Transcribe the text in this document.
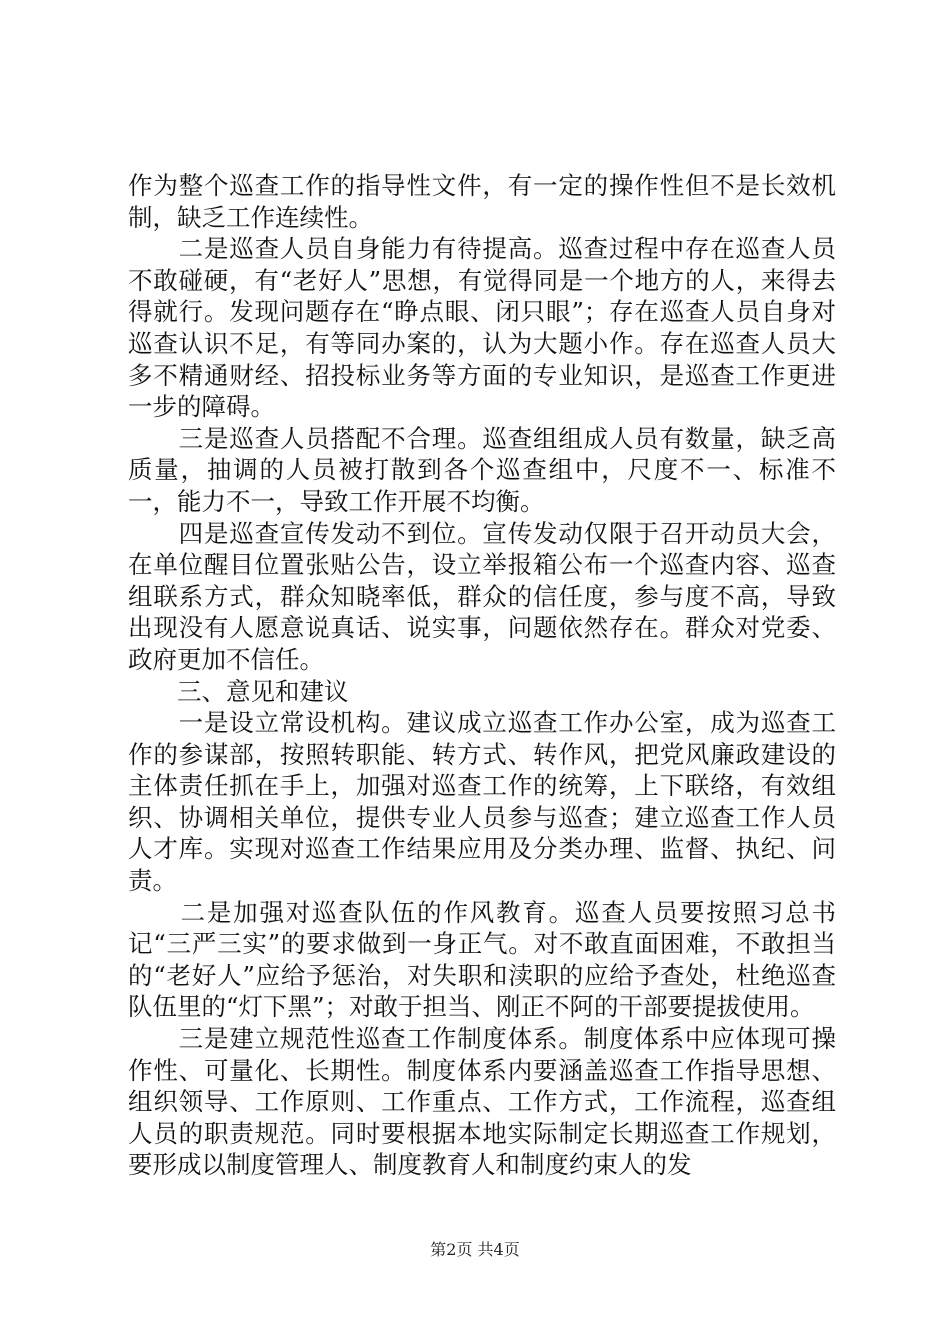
作为整个巡查工作的指导性文件，有一定的操作性但不是长效机制，缺乏工作连续性。

　　二是巡查人员自身能力有待提高。巡查过程中存在巡查人员不敢碰硬，有“老好人”思想，有觉得同是一个地方的人，来得去得就行。发现问题存在“睁点眼、闭只眼”；存在巡查人员自身对巡查认识不足，有等同办案的，认为大题小作。存在巡查人员大多不精通财经、招投标业务等方面的专业知识，是巡查工作更进一步的障碍。

　　三是巡查人员搭配不合理。巡查组组成人员有数量，缺乏高质量，抽调的人员被打散到各个巡查组中，尺度不一、标准不一，能力不一，导致工作开展不均衡。

　　四是巡查宣传发动不到位。宣传发动仅限于召开动员大会，在单位醒目位置张贴公告，设立举报箱公布一个巡查内容、巡查组联系方式，群众知晓率低，群众的信任度，参与度不高，导致出现没有人愿意说真话、说实事，问题依然存在。群众对党委、政府更加不信任。

　　三、意见和建议

　　一是设立常设机构。建议成立巡查工作办公室，成为巡查工作的参谋部，按照转职能、转方式、转作风，把党风廉政建设的主体责任抓在手上，加强对巡查工作的统筹，上下联络，有效组织、协调相关单位，提供专业人员参与巡查；建立巡查工作人员人才库。实现对巡查工作结果应用及分类办理、监督、执纪、问责。

　　二是加强对巡查队伍的作风教育。巡查人员要按照习总书记“三严三实”的要求做到一身正气。对不敢直面困难，不敢担当的“老好人”应给予惩治，对失职和渎职的应给予查处，杜绝巡查队伍里的“灯下黑”；对敢于担当、刚正不阿的干部要提拔使用。

　　三是建立规范性巡查工作制度体系。制度体系中应体现可操作性、可量化、长期性。制度体系内要涵盖巡查工作指导思想、组织领导、工作原则、工作重点、工作方式，工作流程，巡查组人员的职责规范。同时要根据本地实际制定长期巡查工作规划，要形成以制度管理人、制度教育人和制度约束人的发

第2页 共4页
